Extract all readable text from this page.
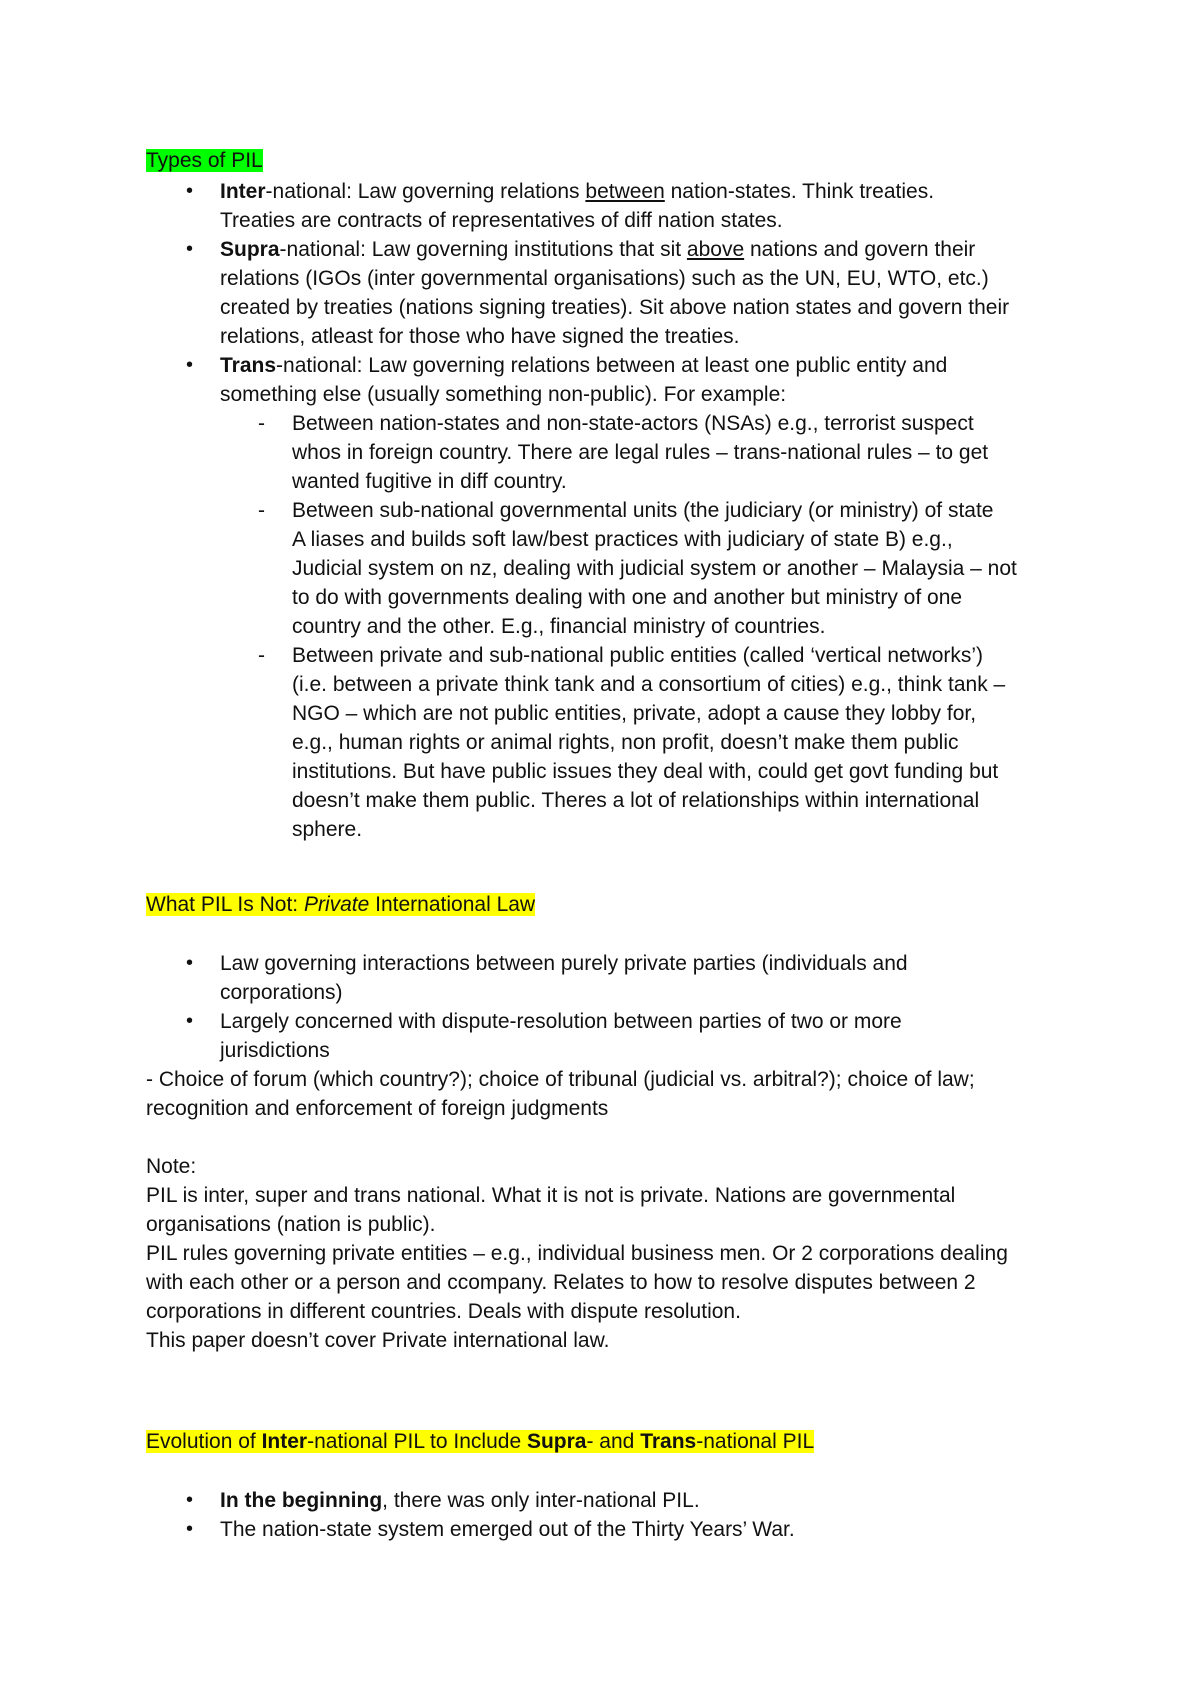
Types of PIL
• Inter-national: Law governing relations between nation-states. Think treaties.
Treaties are contracts of representatives of diff nation states.
• Supra-national: Law governing institutions that sit above nations and govern their
relations (IGOs (inter governmental organisations) such as the UN, EU, WTO, etc.)
created by treaties (nations signing treaties). Sit above nation states and govern their
relations, atleast for those who have signed the treaties.
• Trans-national: Law governing relations between at least one public entity and
something else (usually something non-public). For example:
- Between nation-states and non-state-actors (NSAs) e.g., terrorist suspect
whos in foreign country. There are legal rules – trans-national rules – to get
wanted fugitive in diff country.
- Between sub-national governmental units (the judiciary (or ministry) of state
A liases and builds soft law/best practices with judiciary of state B) e.g.,
Judicial system on nz, dealing with judicial system or another – Malaysia – not
to do with governments dealing with one and another but ministry of one
country and the other. E.g., financial ministry of countries.
- Between private and sub-national public entities (called ‘vertical networks’)
(i.e. between a private think tank and a consortium of cities) e.g., think tank –
NGO – which are not public entities, private, adopt a cause they lobby for,
e.g., human rights or animal rights, non profit, doesn’t make them public
institutions. But have public issues they deal with, could get govt funding but
doesn’t make them public. Theres a lot of relationships within international
sphere.
What PIL Is Not: Private International Law
• Law governing interactions between purely private parties (individuals and
corporations)
• Largely concerned with dispute-resolution between parties of two or more
jurisdictions
- Choice of forum (which country?); choice of tribunal (judicial vs. arbitral?); choice of law;
recognition and enforcement of foreign judgments
Note:
PIL is inter, super and trans national. What it is not is private. Nations are governmental
organisations (nation is public).
PIL rules governing private entities – e.g., individual business men. Or 2 corporations dealing
with each other or a person and ccompany. Relates to how to resolve disputes between 2
corporations in different countries. Deals with dispute resolution.
This paper doesn’t cover Private international law.
Evolution of Inter-national PIL to Include Supra- and Trans-national PIL
• In the beginning, there was only inter-national PIL.
• The nation-state system emerged out of the Thirty Years’ War.
